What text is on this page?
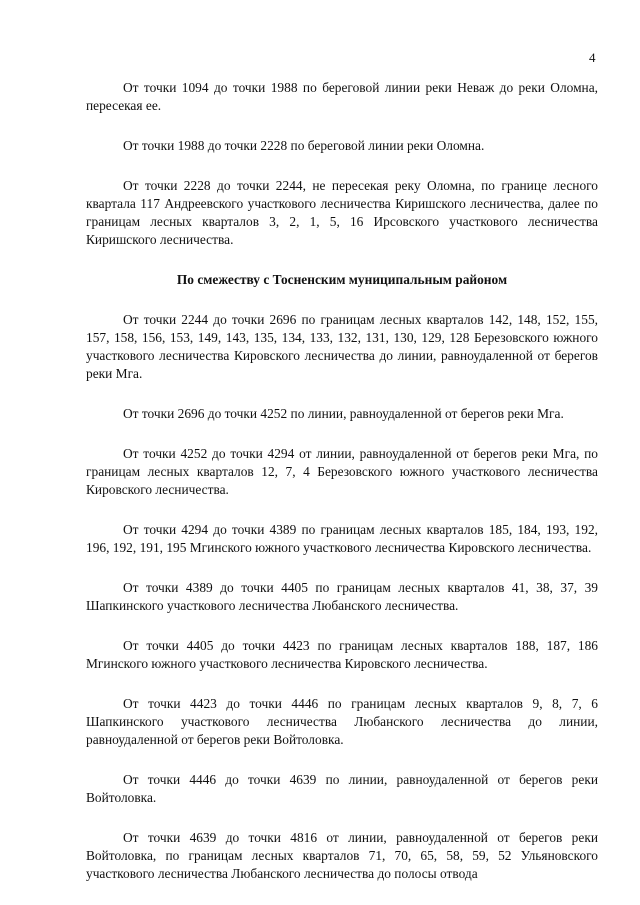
4

От точки 1094 до точки 1988 по береговой линии реки Неваж до реки Оломна, пересекая ее.

От точки 1988 до точки 2228 по береговой линии реки Оломна.

От точки 2228 до точки 2244, не пересекая реку Оломна, по границе лесного квартала 117 Андреевского участкового лесничества Киришского лесничества, далее по границам лесных кварталов 3, 2, 1, 5, 16 Ирсовского участкового лесничества Киришского лесничества.

По смежеству с Тосненским муниципальным районом

От точки 2244 до точки 2696 по границам лесных кварталов 142, 148, 152, 155, 157, 158, 156, 153, 149, 143, 135, 134, 133, 132, 131, 130, 129, 128 Березовского южного участкового лесничества Кировского лесничества до линии, равноудаленной от берегов реки Мга.

От точки 2696 до точки 4252 по линии, равноудаленной от берегов реки Мга.

От точки 4252 до точки 4294 от линии, равноудаленной от берегов реки Мга, по границам лесных кварталов 12, 7, 4 Березовского южного участкового лесничества Кировского лесничества.

От точки 4294 до точки 4389 по границам лесных кварталов 185, 184, 193, 192, 196, 192, 191, 195 Мгинского южного участкового лесничества Кировского лесничества.

От точки 4389 до точки 4405 по границам лесных кварталов 41, 38, 37, 39 Шапкинского участкового лесничества Любанского лесничества.

От точки 4405 до точки 4423 по границам лесных кварталов 188, 187, 186 Мгинского южного участкового лесничества Кировского лесничества.

От точки 4423 до точки 4446 по границам лесных кварталов 9, 8, 7, 6 Шапкинского участкового лесничества Любанского лесничества до линии, равноудаленной от берегов реки Войтоловка.

От точки 4446 до точки 4639 по линии, равноудаленной от берегов реки Войтоловка.

От точки 4639 до точки 4816 от линии, равноудаленной от берегов реки Войтоловка, по границам лесных кварталов 71, 70, 65, 58, 59, 52 Ульяновского участкового лесничества Любанского лесничества до полосы отвода
